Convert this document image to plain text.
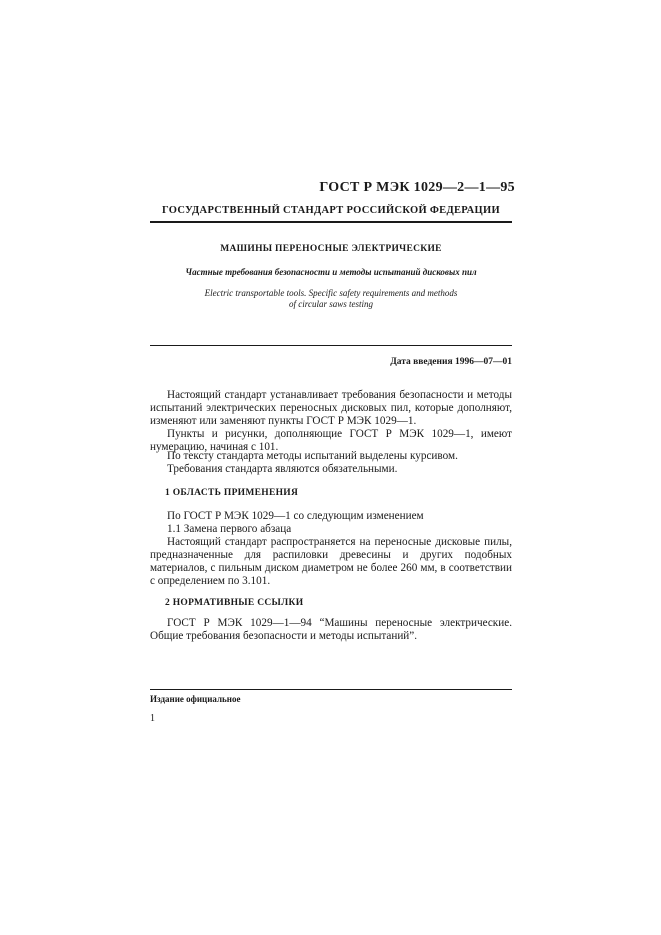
ГОСТ Р МЭК 1029—2—1—95
ГОСУДАРСТВЕННЫЙ СТАНДАРТ РОССИЙСКОЙ ФЕДЕРАЦИИ
МАШИНЫ ПЕРЕНОСНЫЕ ЭЛЕКТРИЧЕСКИЕ
Частные требования безопасности и методы испытаний дисковых пил
Electric transportable tools. Specific safety requirements and methods
of circular saws testing
Дата введения 1996—07—01
Настоящий стандарт устанавливает требования безопасности и методы испытаний электрических переносных дисковых пил, которые дополняют, изменяют или заменяют пункты ГОСТ Р МЭК 1029—1.
Пункты и рисунки, дополняющие ГОСТ Р МЭК 1029—1, имеют нумерацию, начиная с 101.
По тексту стандарта методы испытаний выделены курсивом.
Требования стандарта являются обязательными.
1 ОБЛАСТЬ ПРИМЕНЕНИЯ
По ГОСТ Р МЭК 1029—1 со следующим изменением
1.1 Замена первого абзаца
Настоящий стандарт распространяется на переносные дисковые пилы, предназначенные для распиловки древесины и других подобных материалов, с пильным диском диаметром не более 260 мм, в соответствии с определением по 3.101.
2 НОРМАТИВНЫЕ ССЫЛКИ
ГОСТ Р МЭК 1029—1—94 “Машины переносные электрические. Общие требования безопасности и методы испытаний”.
Издание официальное
1
